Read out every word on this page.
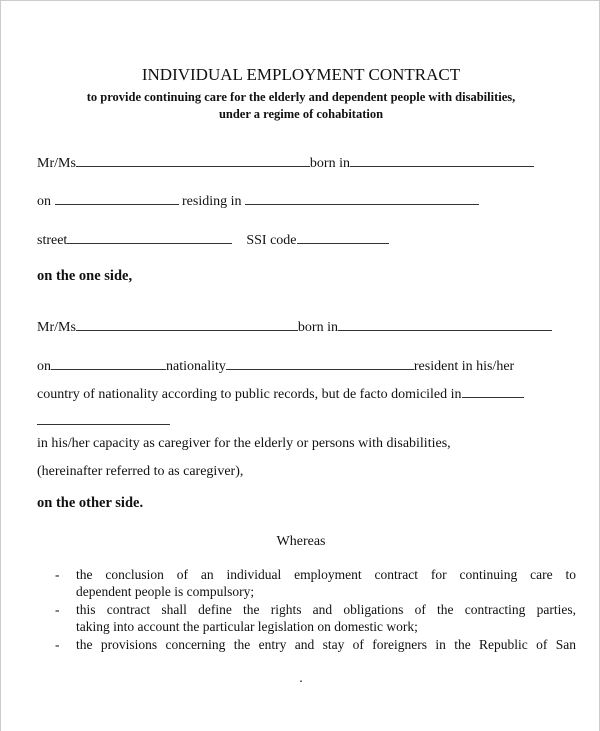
INDIVIDUAL EMPLOYMENT CONTRACT
to provide continuing care for the elderly and dependent people with disabilities,
under a regime of cohabitation
Mr/Ms	born in
on	residing in
street	SSI code
on the one side,
Mr/Ms	born in
on	nationality	resident in his/her
country of nationality according to public records, but de facto domiciled in
in his/her capacity as caregiver for the elderly or persons with disabilities,
(hereinafter referred to as caregiver),
on the other side.
Whereas
- the conclusion of an individual employment contract for continuing care to
dependent people is compulsory;
- this contract shall define the rights and obligations of the contracting parties,
taking into account the particular legislation on domestic work;
- the provisions concerning the entry and stay of foreigners in the Republic of San
.
